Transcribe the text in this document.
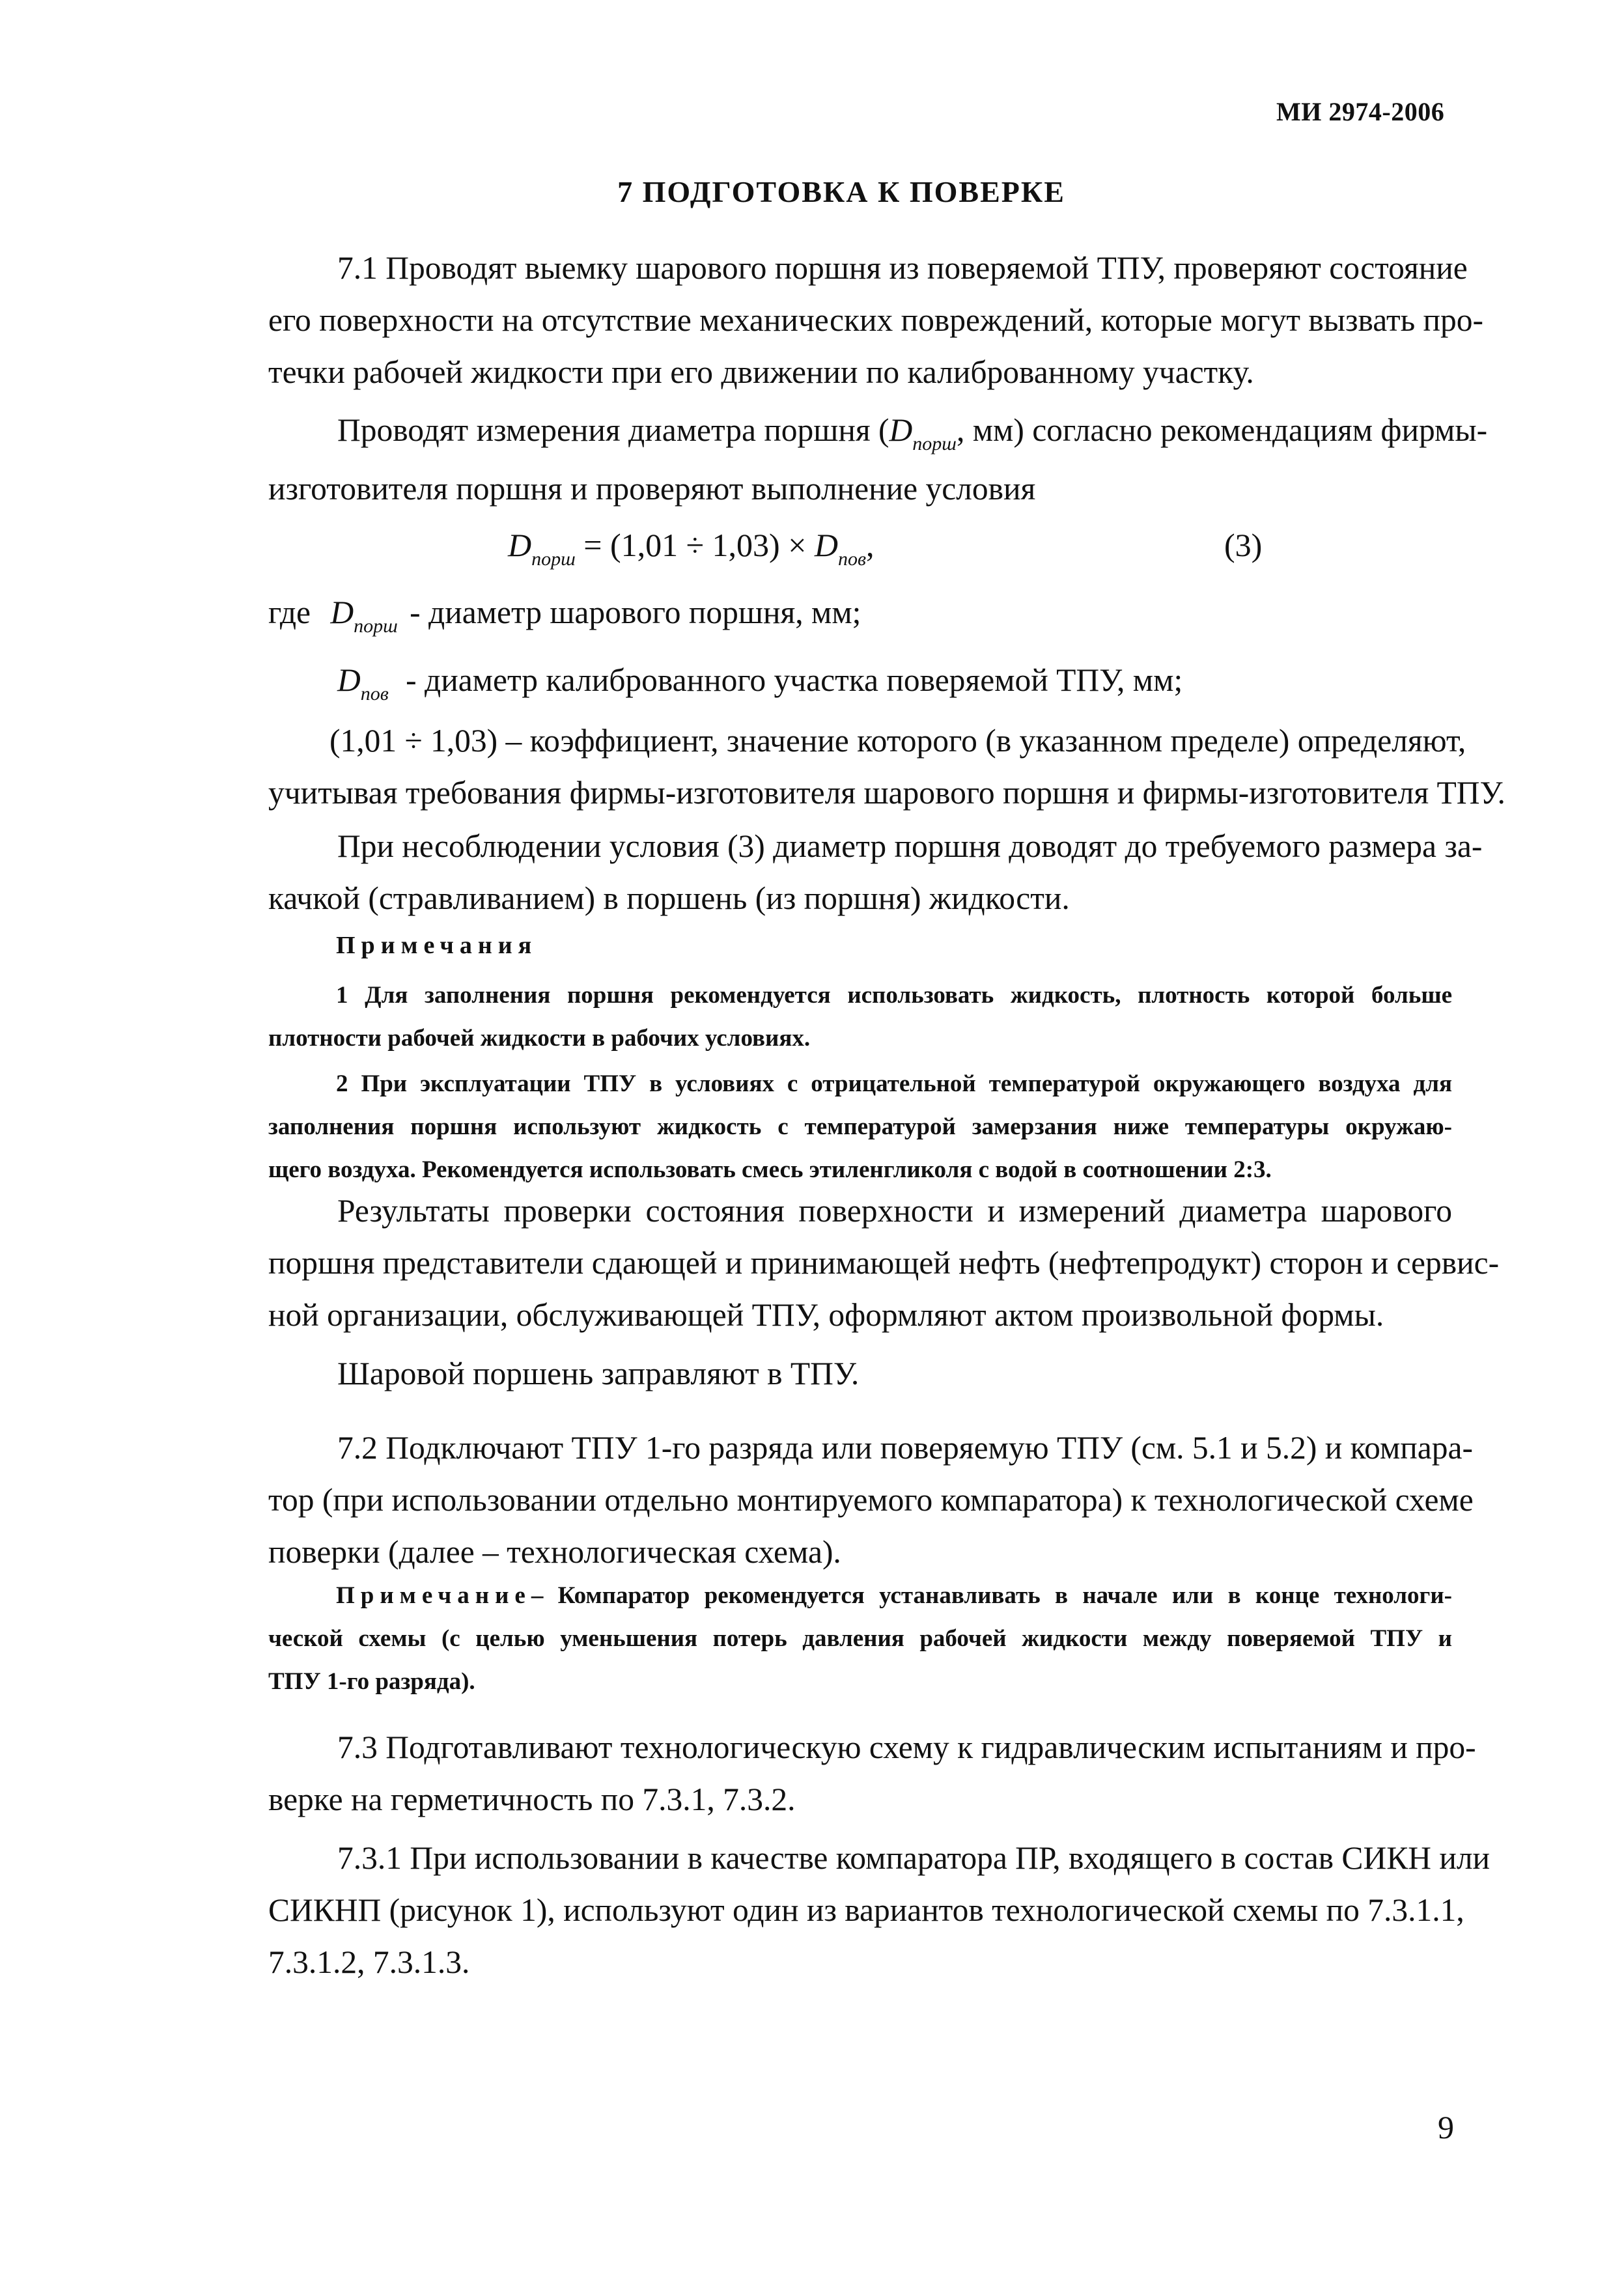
МИ 2974-2006
7 ПОДГОТОВКА К ПОВЕРКЕ
7.1 Проводят выемку шарового поршня из поверяемой ТПУ, проверяют состояние
его поверхности на отсутствие механических повреждений, которые могут вызвать про-
течки рабочей жидкости при его движении по калиброванному участку.
Проводят измерения диаметра поршня ($D_{порш}$, мм) согласно рекомендациям фирмы-
изготовителя поршня и проверяют выполнение условия
$D_{порш} = (1,01 \div 1,03) \times D_{пов}$,	(3)
где $D_{порш}$ - диаметр шарового поршня, мм;
$D_{пов}$ - диаметр калиброванного участка поверяемой ТПУ, мм;
(1,01 ÷ 1,03) – коэффициент, значение которого (в указанном пределе) определяют,
учитывая требования фирмы-изготовителя шарового поршня и фирмы-изготовителя ТПУ.
При несоблюдении условия (3) диаметр поршня доводят до требуемого размера за-
качкой (стравливанием) в поршень (из поршня) жидкости.
Примечания
1 Для заполнения поршня рекомендуется использовать жидкость, плотность которой больше
плотности рабочей жидкости в рабочих условиях.
2 При эксплуатации ТПУ в условиях с отрицательной температурой окружающего воздуха для
заполнения поршня используют жидкость с температурой замерзания ниже температуры окружаю-
щего воздуха. Рекомендуется использовать смесь этиленгликоля с водой в соотношении 2:3.
Результаты проверки состояния поверхности и измерений диаметра шарового
поршня представители сдающей и принимающей нефть (нефтепродукт) сторон и сервис-
ной организации, обслуживающей ТПУ, оформляют актом произвольной формы.
Шаровой поршень заправляют в ТПУ.
7.2 Подключают ТПУ 1-го разряда или поверяемую ТПУ (см. 5.1 и 5.2) и компара-
тор (при использовании отдельно монтируемого компаратора) к технологической схеме
поверки (далее – технологическая схема).
Примечание– Компаратор рекомендуется устанавливать в начале или в конце технологи-
ческой схемы (с целью уменьшения потерь давления рабочей жидкости между поверяемой ТПУ и
ТПУ 1-го разряда).
7.3 Подготавливают технологическую схему к гидравлическим испытаниям и про-
верке на герметичность по 7.3.1, 7.3.2.
7.3.1 При использовании в качестве компаратора ПР, входящего в состав СИКН или
СИКНП (рисунок 1), используют один из вариантов технологической схемы по 7.3.1.1,
7.3.1.2, 7.3.1.3.
9
